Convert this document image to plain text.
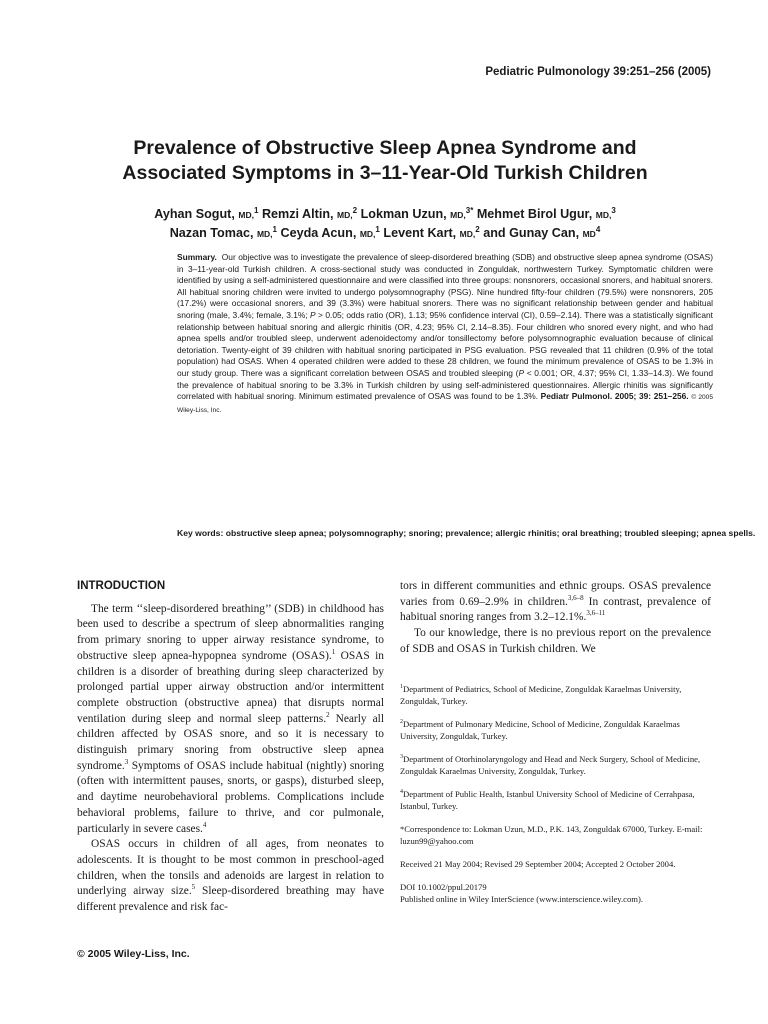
Pediatric Pulmonology 39:251–256 (2005)
Prevalence of Obstructive Sleep Apnea Syndrome and
Associated Symptoms in 3–11-Year-Old Turkish Children
Ayhan Sogut, MD,$^1$ Remzi Altin, MD,$^2$ Lokman Uzun, MD,$^{3*}$ Mehmet Birol Ugur, MD,$^3$
Nazan Tomac, MD,$^1$ Ceyda Acun, MD,$^1$ Levent Kart, MD,$^2$ and Gunay Can, $MD^4$

Summary. Our objective was to investigate the prevalence of sleep-disordered breathing (SDB) and obstructive sleep apnea syndrome (OSAS) in 3–11-year-old Turkish children. A cross-sectional study was conducted in Zonguldak, northwestern Turkey. Symptomatic children were identified by using a self-administered questionnaire and were classified into three groups: nonsnorers, occasional snorers, and habitual snorers. All habitual snoring children were invited to undergo polysomnography (PSG). Nine hundred fifty-four children (79.5%) were nonsnorers, 205 (17.2%) were occasional snorers, and 39 (3.3%) were habitual snorers. There was no significant relationship between gender and habitual snoring (male, 3.4%; female, 3.1%; P > 0.05; odds ratio (OR), 1.13; 95% confidence interval (CI), 0.59–2.14). There was a statistically significant relationship between habitual snoring and allergic rhinitis (OR, 4.23; 95% CI, 2.14–8.35). Four children who snored every night, and who had apnea spells and/or troubled sleep, underwent adenoidectomy and/or tonsillectomy before polysomnographic evaluation because of clinical detoriation. Twenty-eight of 39 children with habitual snoring participated in PSG evaluation. PSG revealed that 11 children (0.9% of the total population) had OSAS. When 4 operated children were added to these 28 children, we found the minimum prevalence of OSAS to be 1.3% in our study group. There was a significant correlation between OSAS and troubled sleeping (P < 0.001; OR, 4.37; 95% CI, 1.33–14.3). We found the prevalence of habitual snoring to be 3.3% in Turkish children by using self-administered questionnaires. Allergic rhinitis was significantly correlated with habitual snoring. Minimum estimated prevalence of OSAS was found to be 1.3%. Pediatr Pulmonol. 2005; 39: 251–256. © 2005 Wiley-Liss, Inc.

Key words: obstructive sleep apnea; polysomnography; snoring; prevalence; allergic rhinitis; oral breathing; troubled sleeping; apnea spells.
INTRODUCTION

The term ‘‘sleep-disordered breathing’’ (SDB) in childhood has been used to describe a spectrum of sleep abnormalities ranging from primary snoring to upper airway resistance syndrome, to obstructive sleep apnea-hypopnea syndrome (OSAS).$^1$ OSAS in children is a disorder of breathing during sleep characterized by prolonged partial upper airway obstruction and/or intermittent complete obstruction (obstructive apnea) that disrupts normal ventilation during sleep and normal sleep patterns.$^2$ Nearly all children affected by OSAS snore, and so it is necessary to distinguish primary snoring from obstructive sleep apnea syndrome.$^3$ Symptoms of OSAS include habitual (nightly) snoring (often with intermittent pauses, snorts, or gasps), disturbed sleep, and daytime neurobehavioral problems. Complications include behavioral problems, failure to thrive, and cor pulmonale, particularly in severe cases.$^4$

OSAS occurs in children of all ages, from neonates to adolescents. It is thought to be most common in preschool-aged children, when the tonsils and adenoids are largest in relation to underlying airway size.$^5$ Sleep-disordered breathing may have different prevalence and risk fac-

tors in different communities and ethnic groups. OSAS prevalence varies from 0.69–2.9% in children.$^{3,6-8}$ In contrast, prevalence of habitual snoring ranges from 3.2–12.1%.$^{3,6-11}$

To our knowledge, there is no previous report on the prevalence of SDB and OSAS in Turkish children. We

$^1$Department of Pediatrics, School of Medicine, Zonguldak Karaelmas University, Zonguldak, Turkey.

$^2$Department of Pulmonary Medicine, School of Medicine, Zonguldak Karaelmas University, Zonguldak, Turkey.

$^3$Department of Otorhinolaryngology and Head and Neck Surgery, School of Medicine, Zonguldak Karaelmas University, Zonguldak, Turkey.

$^4$Department of Public Health, Istanbul University School of Medicine of Cerrahpasa, Istanbul, Turkey.

*Correspondence to: Lokman Uzun, M.D., P.K. 143, Zonguldak 67000, Turkey. E-mail: luzun99@yahoo.com

Received 21 May 2004; Revised 29 September 2004; Accepted 2 October 2004.

DOI 10.1002/ppul.20179
Published online in Wiley InterScience (www.interscience.wiley.com).

© 2005 Wiley-Liss, Inc.
